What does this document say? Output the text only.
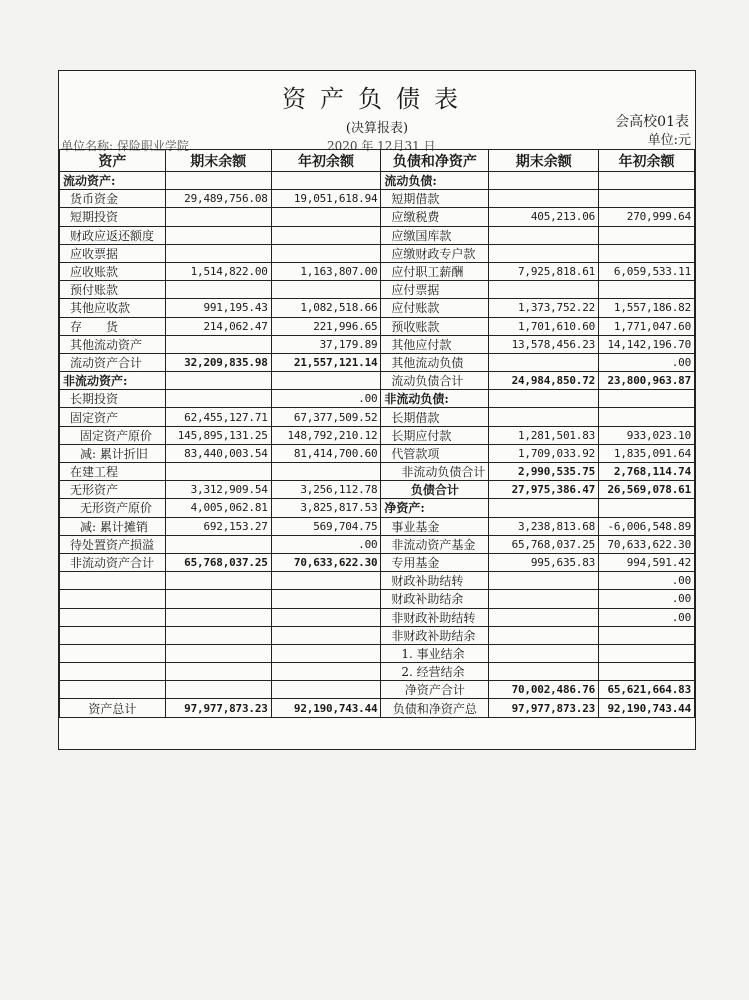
资产负债表
会高校01表
(决算报表)
单位:元
单位名称: 保险职业学院	2020 年 12月31 日
资产	期末余额	年初余额	负债和净资产	期末余额	年初余额
流动资产:			流动负债:		
货币资金	29,489,756.08	19,051,618.94	短期借款		
短期投资			应缴税费	405,213.06	270,999.64
财政应返还额度			应缴国库款		
应收票据			应缴财政专户款		
应收账款	1,514,822.00	1,163,807.00	应付职工薪酬	7,925,818.61	6,059,533.11
预付账款			应付票据		
其他应收款	991,195.43	1,082,518.66	应付账款	1,373,752.22	1,557,186.82
存　　货	214,062.47	221,996.65	预收账款	1,701,610.60	1,771,047.60
其他流动资产		37,179.89	其他应付款	13,578,456.23	14,142,196.70
流动资产合计	32,209,835.98	21,557,121.14	其他流动负债		.00
非流动资产:			流动负债合计	24,984,850.72	23,800,963.87
长期投资		.00	非流动负债:		
固定资产	62,455,127.71	67,377,509.52	长期借款		
固定资产原价	145,895,131.25	148,792,210.12	长期应付款	1,281,501.83	933,023.10
减: 累计折旧	83,440,003.54	81,414,700.60	代管款项	1,709,033.92	1,835,091.64
在建工程			非流动负债合计	2,990,535.75	2,768,114.74
无形资产	3,312,909.54	3,256,112.78	负债合计	27,975,386.47	26,569,078.61
无形资产原价	4,005,062.81	3,825,817.53	净资产:		
减: 累计摊销	692,153.27	569,704.75	事业基金	3,238,813.68	-6,006,548.89
待处置资产损溢		.00	非流动资产基金	65,768,037.25	70,633,622.30
非流动资产合计	65,768,037.25	70,633,622.30	专用基金	995,635.83	994,591.42
			财政补助结转		.00
			财政补助结余		.00
			非财政补助结转		.00
			非财政补助结余		
			1. 事业结余		
			2. 经营结余		
			净资产合计	70,002,486.76	65,621,664.83
资产总计	97,977,873.23	92,190,743.44	负债和净资产总	97,977,873.23	92,190,743.44
